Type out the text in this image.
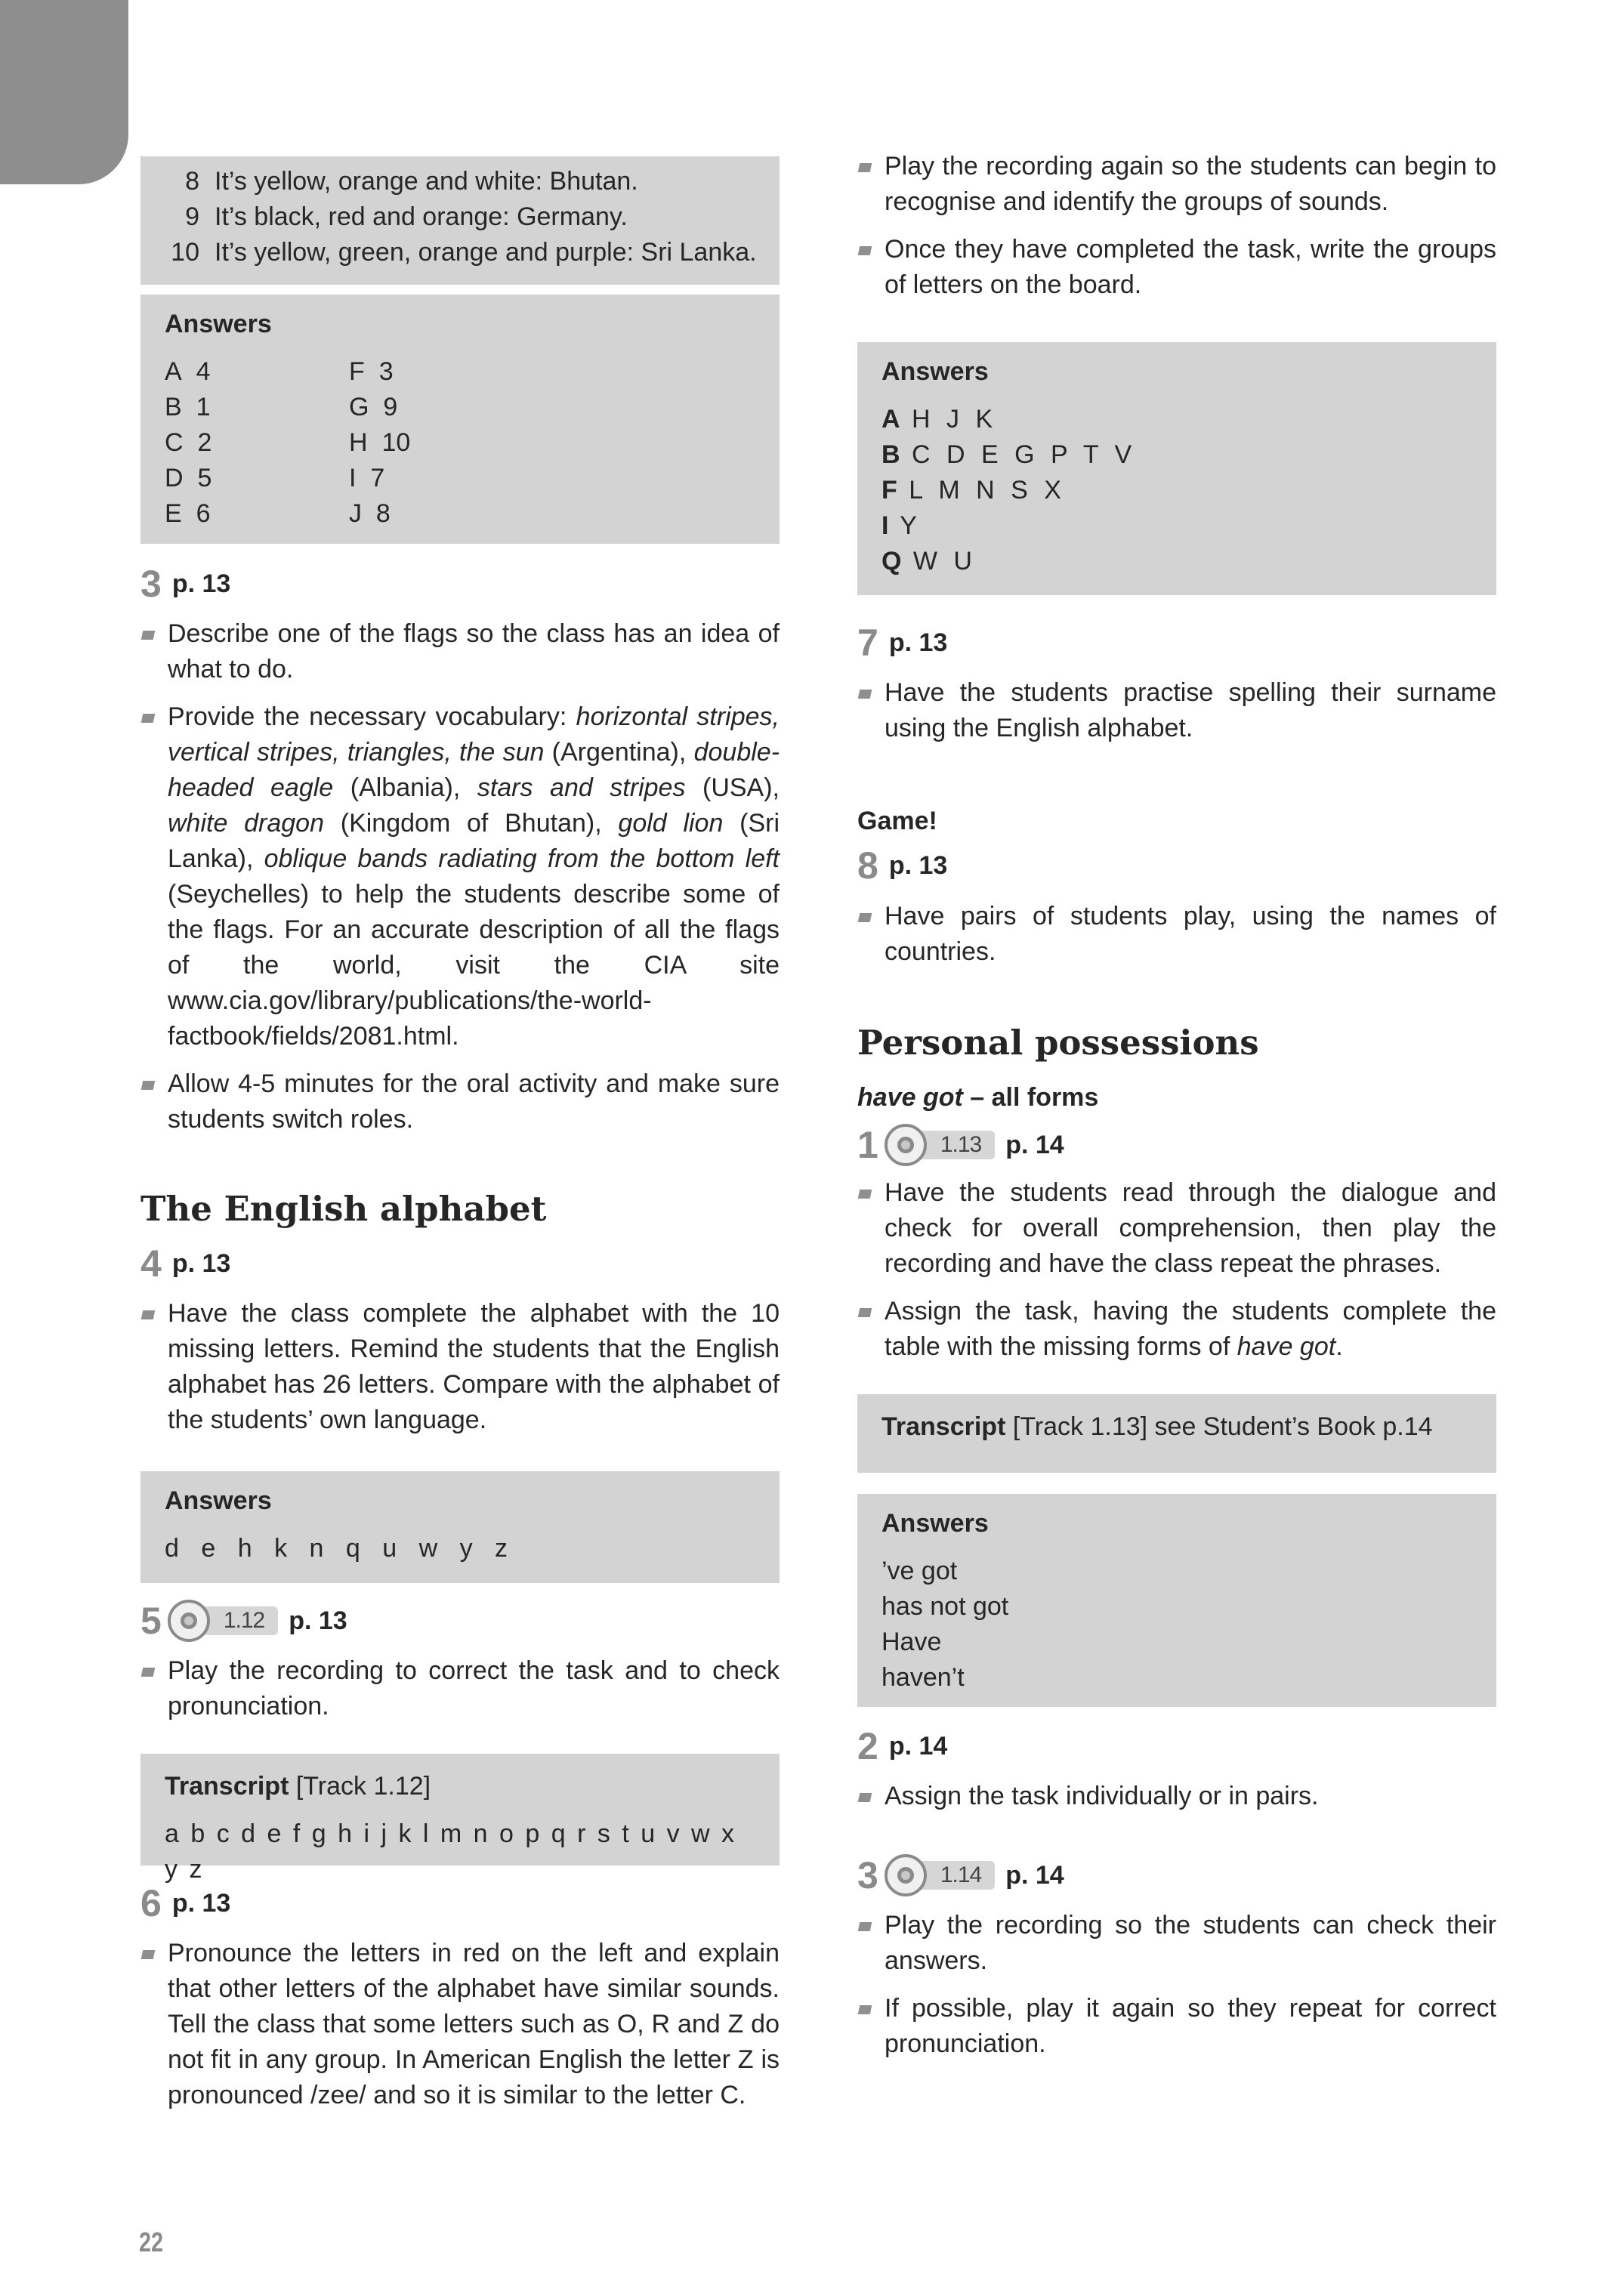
8 It’s yellow, orange and white: Bhutan.
9 It’s black, red and orange: Germany.
10 It’s yellow, green, orange and purple: Sri Lanka.
Answers
A 4	F 3
B 1	G 9
C 2	H 10
D 5	I 7
E 6	J 8
3 p. 13
Describe one of the flags so the class has an idea of what to do.
Provide the necessary vocabulary: horizontal stripes, vertical stripes, triangles, the sun (Argentina), double-headed eagle (Albania), stars and stripes (USA), white dragon (Kingdom of Bhutan), gold lion (Sri Lanka), oblique bands radiating from the bottom left (Seychelles) to help the students describe some of the flags. For an accurate description of all the flags of the world, visit the CIA site www.cia.gov/library/publications/the-world-factbook/fields/2081.html.
Allow 4-5 minutes for the oral activity and make sure students switch roles.
The English alphabet
4 p. 13
Have the class complete the alphabet with the 10 missing letters. Remind the students that the English alphabet has 26 letters. Compare with the alphabet of the students’ own language.
Answers
d e h k n q u w y z
5	1.12 p. 13
Play the recording to correct the task and to check pronunciation.
Transcript [Track 1.12]
a b c d e f g h i j k l m n o p q r s t u v w x y z
6 p. 13
Pronounce the letters in red on the left and explain that other letters of the alphabet have similar sounds. Tell the class that some letters such as O, R and Z do not fit in any group. In American English the letter Z is pronounced /zee/ and so it is similar to the letter C.
Play the recording again so the students can begin to recognise and identify the groups of sounds.
Once they have completed the task, write the groups of letters on the board.
Answers
A H J K
B C D E G P T V
F L M N S X
I Y
Q W U
7 p. 13
Have the students practise spelling their surname using the English alphabet.
Game!
8 p. 13
Have pairs of students play, using the names of countries.
Personal possessions
have got – all forms
1	1.13 p. 14
Have the students read through the dialogue and check for overall comprehension, then play the recording and have the class repeat the phrases.
Assign the task, having the students complete the table with the missing forms of have got.
Transcript [Track 1.13] see Student’s Book p.14
Answers
’ve got
has not got
Have
haven’t
2 p. 14
Assign the task individually or in pairs.
3	1.14 p. 14
Play the recording so the students can check their answers.
If possible, play it again so they repeat for correct pronunciation.
22
